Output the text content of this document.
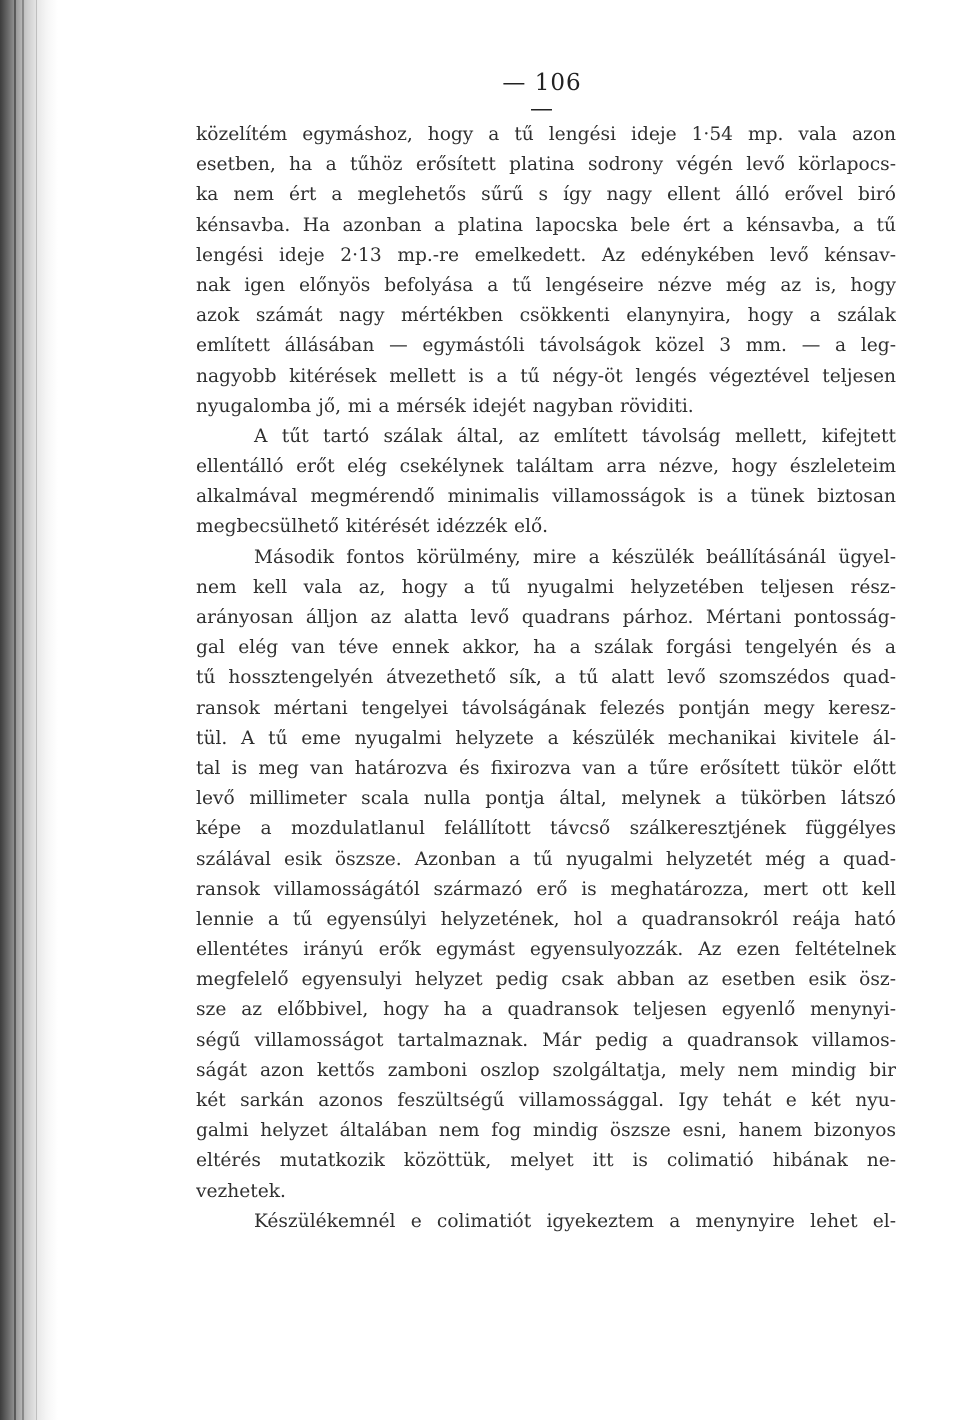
— 106 —
közelítém egymáshoz, hogy a tű lengési ideje 1·54 mp. vala azon
esetben, ha a tűhöz erősített platina sodrony végén levő körlapocs-
ka nem ért a meglehetős sűrű s így nagy ellent álló erővel biró
kénsavba. Ha azonban a platina lapocska bele ért a kénsavba, a tű
lengési ideje 2·13 mp.-re emelkedett. Az edénykében levő kénsav-
nak igen előnyös befolyása a tű lengéseire nézve még az is, hogy
azok számát nagy mértékben csökkenti elanynyira, hogy a szálak
említett állásában — egymástóli távolságok közel 3 mm. — a leg-
nagyobb kitérések mellett is a tű négy-öt lengés végeztével teljesen
nyugalomba jő, mi a mérsék idejét nagyban röviditi.
A tűt tartó szálak által, az említett távolság mellett, kifejtett
ellentálló erőt elég csekélynek találtam arra nézve, hogy észleleteim
alkalmával megmérendő minimalis villamosságok is a tünek biztosan
megbecsülhető kitérését idézzék elő.
Második fontos körülmény, mire a készülék beállításánál ügyel-
nem kell vala az, hogy a tű nyugalmi helyzetében teljesen rész-
arányosan álljon az alatta levő quadrans párhoz. Mértani pontosság-
gal elég van téve ennek akkor, ha a szálak forgási tengelyén és a
tű hossztengelyén átvezethető sík, a tű alatt levő szomszédos quad-
ransok mértani tengelyei távolságának felezés pontján megy keresz-
tül. A tű eme nyugalmi helyzete a készülék mechanikai kivitele ál-
tal is meg van határozva és fixirozva van a tűre erősített tükör előtt
levő millimeter scala nulla pontja által, melynek a tükörben látszó
képe a mozdulatlanul felállított távcső szálkeresztjének függélyes
szálával esik öszsze. Azonban a tű nyugalmi helyzetét még a quad-
ransok villamosságától származó erő is meghatározza, mert ott kell
lennie a tű egyensúlyi helyzetének, hol a quadransokról reája ható
ellentétes irányú erők egymást egyensulyozzák. Az ezen feltételnek
megfelelő egyensulyi helyzet pedig csak abban az esetben esik ösz-
sze az előbbivel, hogy ha a quadransok teljesen egyenlő menynyi-
ségű villamosságot tartalmaznak. Már pedig a quadransok villamos-
ságát azon kettős zamboni oszlop szolgáltatja, mely nem mindig bir
két sarkán azonos feszültségű villamossággal. Igy tehát e két nyu-
galmi helyzet általában nem fog mindig öszsze esni, hanem bizonyos
eltérés mutatkozik közöttük, melyet itt is colimatió hibának ne-
vezhetek.
Készülékemnél e colimatiót igyekeztem a menynyire lehet el-
